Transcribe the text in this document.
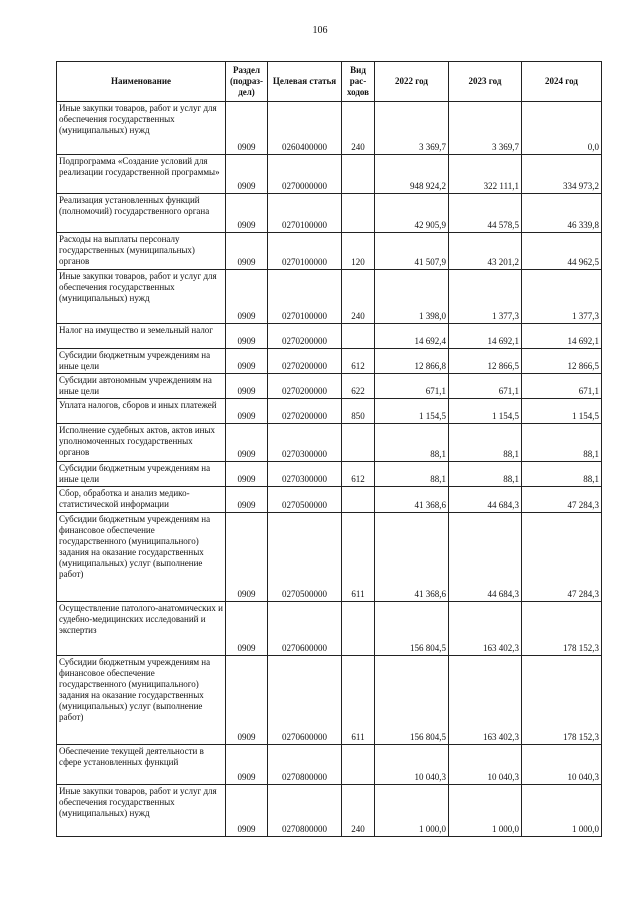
106
Наименование	Раздел (подраз-дел)	Целевая статья	Вид рас-ходов	2022 год	2023 год	2024 год
Иные закупки товаров, работ и услуг для обеспечения государственных (муниципальных) нужд	0909	0260400000	240	3 369,7	3 369,7	0,0
Подпрограмма «Создание условий для реализации государственной программы»	0909	0270000000		948 924,2	322 111,1	334 973,2
Реализация установленных функций (полномочий) государственного органа	0909	0270100000		42 905,9	44 578,5	46 339,8
Расходы на выплаты персоналу государственных (муниципальных) органов	0909	0270100000	120	41 507,9	43 201,2	44 962,5
Иные закупки товаров, работ и услуг для обеспечения государственных (муниципальных) нужд	0909	0270100000	240	1 398,0	1 377,3	1 377,3
Налог на имущество и земельный налог	0909	0270200000		14 692,4	14 692,1	14 692,1
Субсидии бюджетным учреждениям на иные цели	0909	0270200000	612	12 866,8	12 866,5	12 866,5
Субсидии автономным учреждениям на иные цели	0909	0270200000	622	671,1	671,1	671,1
Уплата налогов, сборов и иных платежей	0909	0270200000	850	1 154,5	1 154,5	1 154,5
Исполнение судебных актов, актов иных уполномоченных государственных органов	0909	0270300000		88,1	88,1	88,1
Субсидии бюджетным учреждениям на иные цели	0909	0270300000	612	88,1	88,1	88,1
Сбор, обработка и анализ медико-статистической информации	0909	0270500000		41 368,6	44 684,3	47 284,3
Субсидии бюджетным учреждениям на финансовое обеспечение государственного (муниципального) задания на оказание государственных (муниципальных) услуг (выполнение работ)	0909	0270500000	611	41 368,6	44 684,3	47 284,3
Осуществление патолого-анатомических и судебно-медицинских исследований и экспертиз	0909	0270600000		156 804,5	163 402,3	178 152,3
Субсидии бюджетным учреждениям на финансовое обеспечение государственного (муниципального) задания на оказание государственных (муниципальных) услуг (выполнение работ)	0909	0270600000	611	156 804,5	163 402,3	178 152,3
Обеспечение текущей деятельности в сфере установленных функций	0909	0270800000		10 040,3	10 040,3	10 040,3
Иные закупки товаров, работ и услуг для обеспечения государственных (муниципальных) нужд	0909	0270800000	240	1 000,0	1 000,0	1 000,0
